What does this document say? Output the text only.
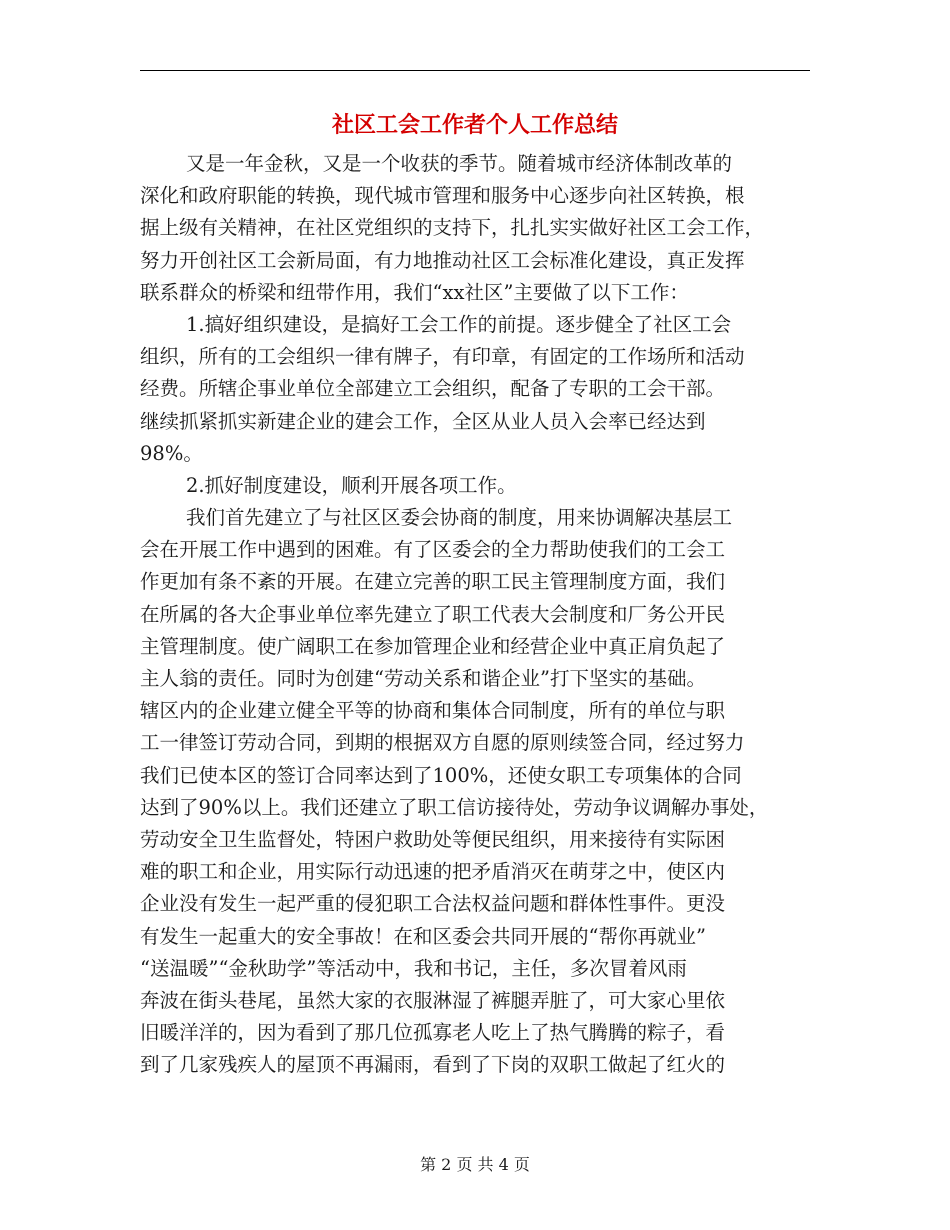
社区工会工作者个人工作总结
又是一年金秋，又是一个收获的季节。随着城市经济体制改革的
深化和政府职能的转换，现代城市管理和服务中心逐步向社区转换，根
据上级有关精神，在社区党组织的支持下，扎扎实实做好社区工会工作，
努力开创社区工会新局面，有力地推动社区工会标准化建设，真正发挥
联系群众的桥梁和纽带作用，我们“xx社区”主要做了以下工作：
1.搞好组织建设，是搞好工会工作的前提。逐步健全了社区工会
组织，所有的工会组织一律有牌子，有印章，有固定的工作场所和活动
经费。所辖企事业单位全部建立工会组织，配备了专职的工会干部。
继续抓紧抓实新建企业的建会工作，全区从业人员入会率已经达到
98%。
2.抓好制度建设，顺利开展各项工作。
我们首先建立了与社区区委会协商的制度，用来协调解决基层工
会在开展工作中遇到的困难。有了区委会的全力帮助使我们的工会工
作更加有条不紊的开展。在建立完善的职工民主管理制度方面，我们
在所属的各大企事业单位率先建立了职工代表大会制度和厂务公开民
主管理制度。使广阔职工在参加管理企业和经营企业中真正肩负起了
主人翁的责任。同时为创建“劳动关系和谐企业”打下坚实的基础。
辖区内的企业建立健全平等的协商和集体合同制度，所有的单位与职
工一律签订劳动合同，到期的根据双方自愿的原则续签合同，经过努力
我们已使本区的签订合同率达到了100%，还使女职工专项集体的合同
达到了90%以上。我们还建立了职工信访接待处，劳动争议调解办事处，
劳动安全卫生监督处，特困户救助处等便民组织，用来接待有实际困
难的职工和企业，用实际行动迅速的把矛盾消灭在萌芽之中，使区内
企业没有发生一起严重的侵犯职工合法权益问题和群体性事件。更没
有发生一起重大的安全事故！在和区委会共同开展的“帮你再就业”
“送温暖”“金秋助学”等活动中，我和书记，主任，多次冒着风雨
奔波在街头巷尾，虽然大家的衣服淋湿了裤腿弄脏了，可大家心里依
旧暖洋洋的，因为看到了那几位孤寡老人吃上了热气腾腾的粽子，看
到了几家残疾人的屋顶不再漏雨，看到了下岗的双职工做起了红火的
第 2 页 共 4 页
